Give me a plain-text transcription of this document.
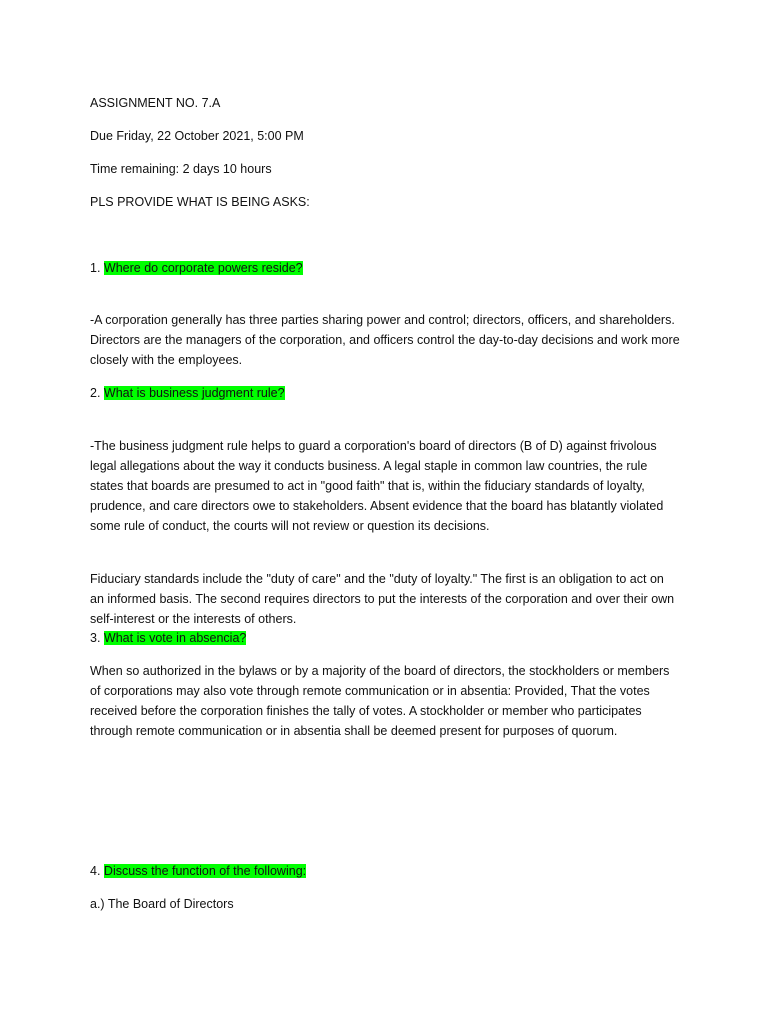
ASSIGNMENT NO. 7.A
Due Friday, 22 October 2021, 5:00 PM
Time remaining: 2 days 10 hours
PLS PROVIDE WHAT IS BEING ASKS:
1. Where do corporate powers reside?
-A corporation generally has three parties sharing power and control; directors, officers, and shareholders. Directors are the managers of the corporation, and officers control the day-to-day decisions and work more closely with the employees.
2. What is business judgment rule?
-The business judgment rule helps to guard a corporation's board of directors (B of D) against frivolous legal allegations about the way it conducts business. A legal staple in common law countries, the rule states that boards are presumed to act in "good faith" that is, within the fiduciary standards of loyalty, prudence, and care directors owe to stakeholders. Absent evidence that the board has blatantly violated some rule of conduct, the courts will not review or question its decisions.
Fiduciary standards include the "duty of care" and the "duty of loyalty." The first is an obligation to act on an informed basis. The second requires directors to put the interests of the corporation and over their own self-interest or the interests of others.
3. What is vote in absencia?
When so authorized in the bylaws or by a majority of the board of directors, the stockholders or members of corporations may also vote through remote communication or in absentia: Provided, That the votes received before the corporation finishes the tally of votes. A stockholder or member who participates through remote communication or in absentia shall be deemed present for purposes of quorum.
4. Discuss the function of the following:
a.) The Board of Directors
